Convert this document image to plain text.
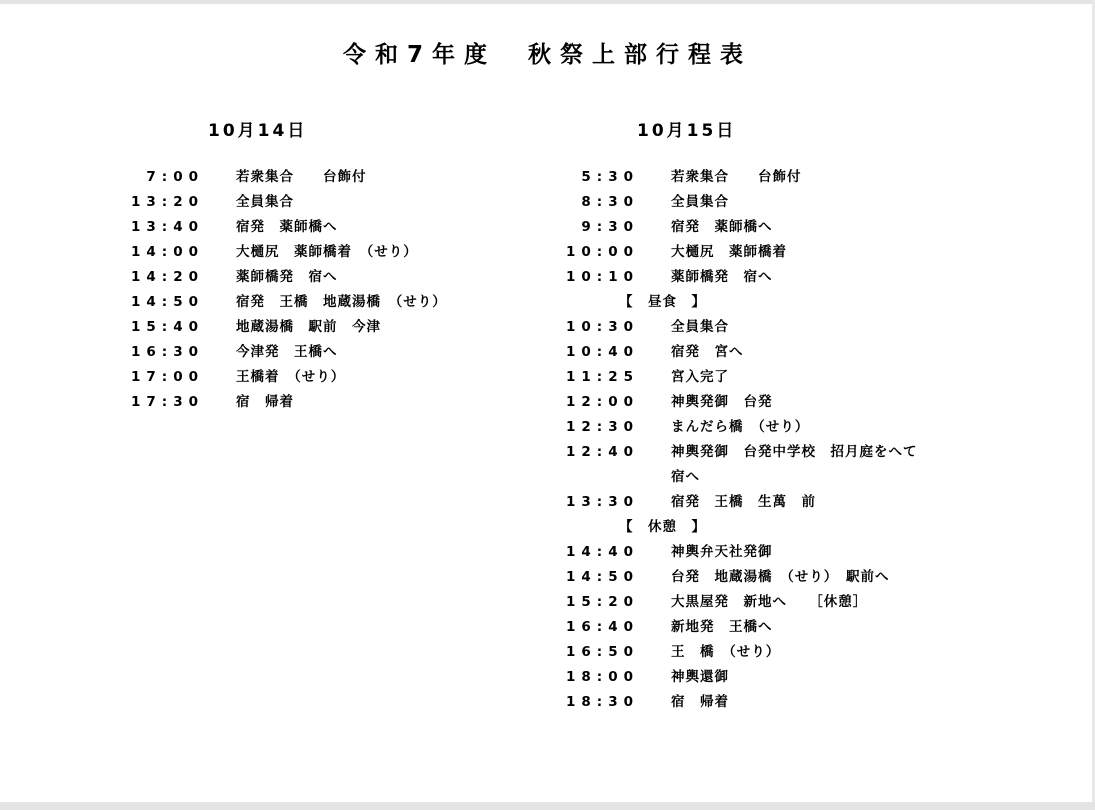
令和7年度　秋祭上部行程表
10月14日
7:00 若衆集合　　台飾付
13:20 全員集合
13:40 宿発　薬師橋へ
14:00 大樋尻　薬師橋着　（せり）
14:20 薬師橋発　宿へ
14:50 宿発　王橋　地蔵湯橋　（せり）
15:40 地蔵湯橋　駅前　今津
16:30 今津発　王橋へ
17:00 王橋着　（せり）
17:30 宿　帰着
10月15日
5:30 若衆集合　　台飾付
8:30 全員集合
9:30 宿発　薬師橋へ
10:00 大樋尻　薬師橋着
10:10 薬師橋発　宿へ
【　昼食　】
10:30 全員集合
10:40 宿発　宮へ
11:25 宮入完了
12:00 神輿発御　台発
12:30 まんだら橋　（せり）
12:40 神輿発御　台発中学校　招月庭をへて
宿へ
13:30 宿発　王橋　生萬　前
【　休憩　】
14:40 神輿弁天社発御
14:50 台発　地蔵湯橋　（せり）　駅前へ
15:20 大黒屋発　新地へ　　［休憩］
16:40 新地発　王橋へ
16:50 王　橋　（せり）
18:00 神輿還御
18:30 宿　帰着
